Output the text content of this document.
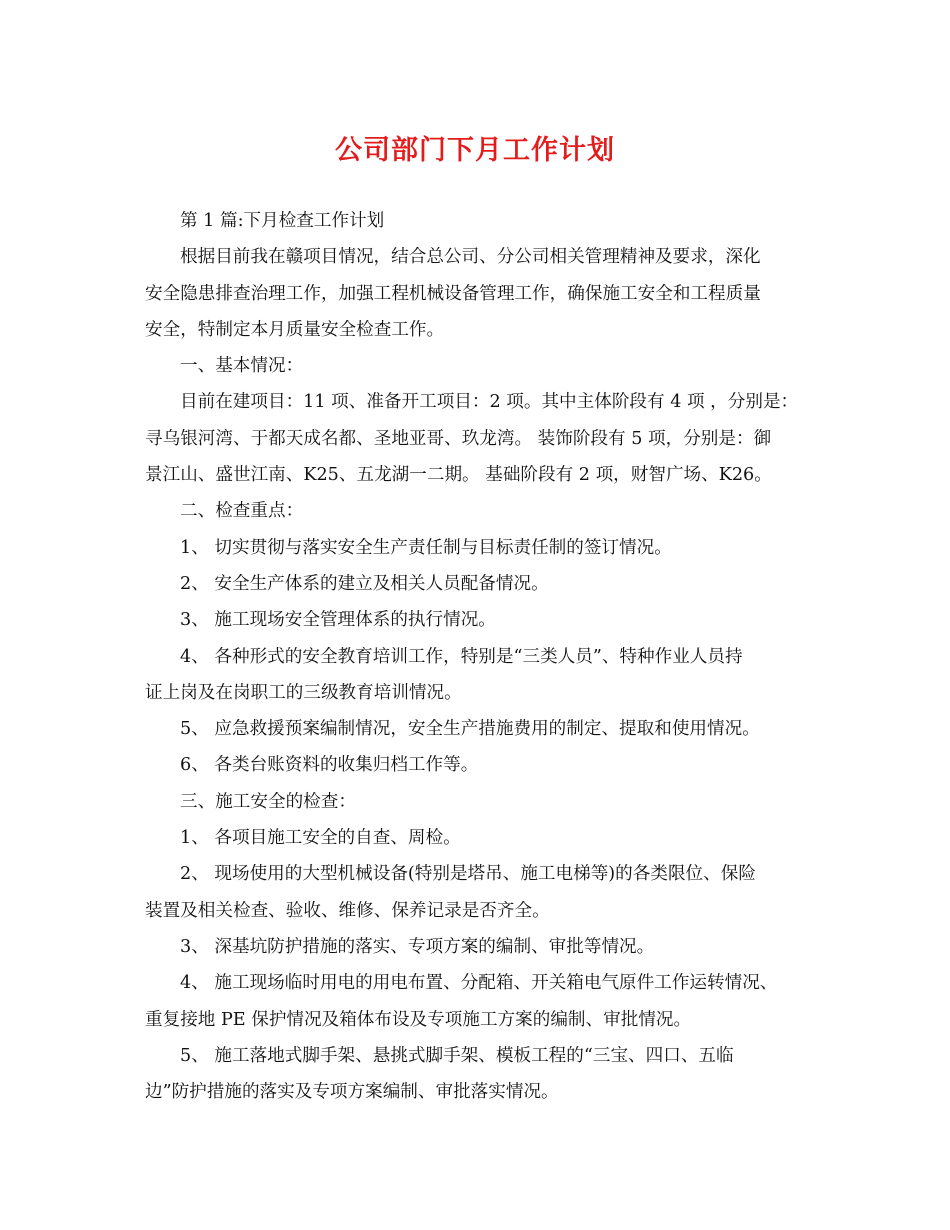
公司部门下月工作计划

第 1 篇:下月检查工作计划

根据目前我在赣项目情况，结合总公司、分公司相关管理精神及要求，深化

安全隐患排查治理工作，加强工程机械设备管理工作，确保施工安全和工程质量

安全，特制定本月质量安全检查工作。

一、基本情况：

目前在建项目：11 项、准备开工项目：2 项。其中主体阶段有 4 项 ，分别是：

寻乌银河湾、于都天成名都、圣地亚哥、玖龙湾。 装饰阶段有 5 项，分别是：御

景江山、盛世江南、K25、五龙湖一二期。 基础阶段有 2 项，财智广场、K26。

二、检查重点：

1、 切实贯彻与落实安全生产责任制与目标责任制的签订情况。

2、 安全生产体系的建立及相关人员配备情况。

3、 施工现场安全管理体系的执行情况。

4、 各种形式的安全教育培训工作，特别是“三类人员”、特种作业人员持

证上岗及在岗职工的三级教育培训情况。

5、 应急救援预案编制情况，安全生产措施费用的制定、提取和使用情况。

6、 各类台账资料的收集归档工作等。

三、施工安全的检查：

1、 各项目施工安全的自查、周检。

2、 现场使用的大型机械设备(特别是塔吊、施工电梯等)的各类限位、保险

装置及相关检查、验收、维修、保养记录是否齐全。

3、 深基坑防护措施的落实、专项方案的编制、审批等情况。

4、 施工现场临时用电的用电布置、分配箱、开关箱电气原件工作运转情况、

重复接地 PE 保护情况及箱体布设及专项施工方案的编制、审批情况。

5、 施工落地式脚手架、悬挑式脚手架、模板工程的“三宝、四口、五临

边”防护措施的落实及专项方案编制、审批落实情况。
